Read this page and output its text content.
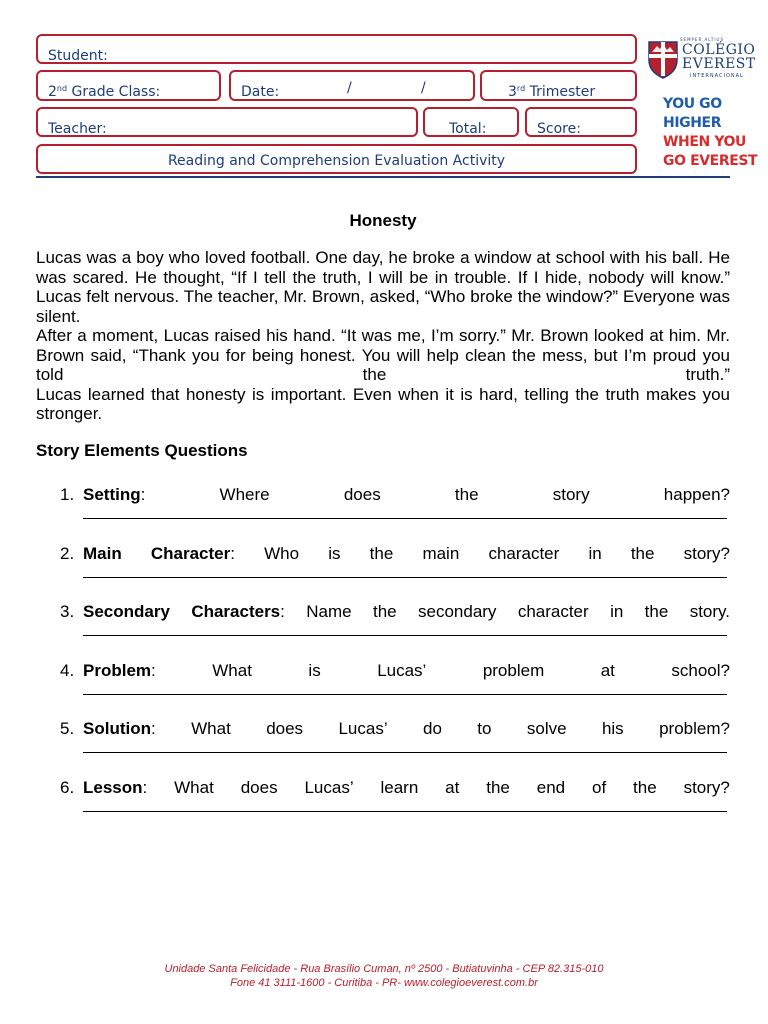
Student:
2nd Grade Class:	Date:	/	/	3rd Trimester
Teacher:	Total:	Score:
Reading and Comprehension Evaluation Activity
SEMPER ALTIUS
COLÉGIO
EVEREST
INTERNACIONAL
YOU GO
HIGHER
WHEN YOU
GO EVEREST
Honesty

Lucas was a boy who loved football. One day, he broke a window at school with his ball. He was scared. He thought, “If I tell the truth, I will be in trouble. If I hide, nobody will know.” Lucas felt nervous. The teacher, Mr. Brown, asked, “Who broke the window?” Everyone was silent.

After a moment, Lucas raised his hand. “It was me, I’m sorry.” Mr. Brown looked at him. Mr. Brown said, “Thank you for being honest. You will help clean the mess, but I’m proud you told the truth.”

Lucas learned that honesty is important. Even when it is hard, telling the truth makes you stronger.

Story Elements Questions
1. Setting:	Where	does	the	story	happen?
2. Main Character: Who is the main character in the story?
3. Secondary Characters: Name the secondary character in the story.
4. Problem:	What	is	Lucas’	problem	at	school?
5. Solution: What does Lucas’ do to solve his problem?
6. Lesson: What does Lucas’ learn at the end of the story?
Unidade Santa Felicidade - Rua Brasílio Cuman, nº 2500 - Butiatuvinha - CEP 82.315-010
Fone 41 3111-1600 - Curitiba - PR- www.colegioeverest.com.br
